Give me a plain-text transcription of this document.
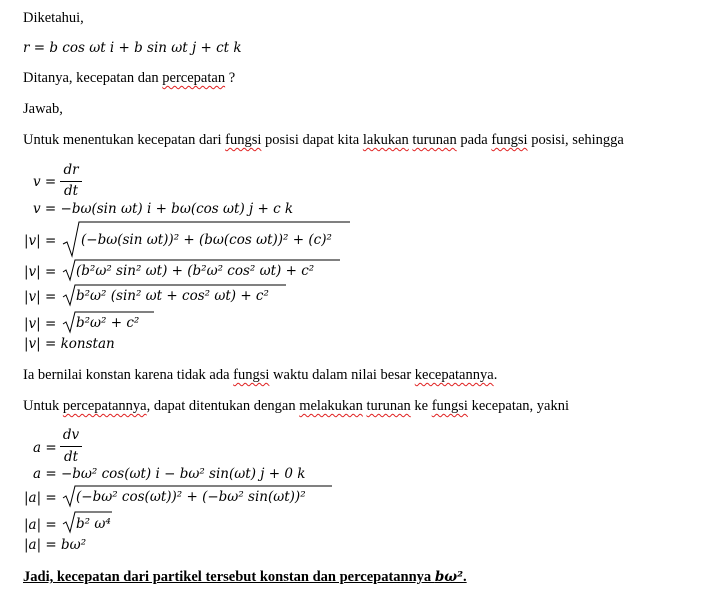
Diketahui,
r = b cos ωt i + b sin ωt j + ct k
Ditanya, kecepatan dan percepatan ?
Jawab,
Untuk menentukan kecepatan dari fungsi posisi dapat kita lakukan turunan pada fungsi posisi, sehingga
v =
dr
dt
v = −bω(sin ωt) i + bω(cos ωt) j + c k
|v| = (−bω(sin ωt))² + (bω(cos ωt))² + (c)²
|v| = (b²ω² sin² ωt) + (b²ω² cos² ωt) + c²
|v| = b²ω² (sin² ωt + cos² ωt) + c²
|v| = b²ω² + c²
|v| = konstan
Ia bernilai konstan karena tidak ada fungsi waktu dalam nilai besar kecepatannya.
Untuk percepatannya, dapat ditentukan dengan melakukan turunan ke fungsi kecepatan, yakni
a =
dv
dt
a = −bω² cos(ωt) i − bω² sin(ωt) j + 0 k
|a| = (−bω² cos(ωt))² + (−bω² sin(ωt))²
|a| = b² ω⁴
|a| = bω²
Jadi, kecepatan dari partikel tersebut konstan dan percepatannya bω².
